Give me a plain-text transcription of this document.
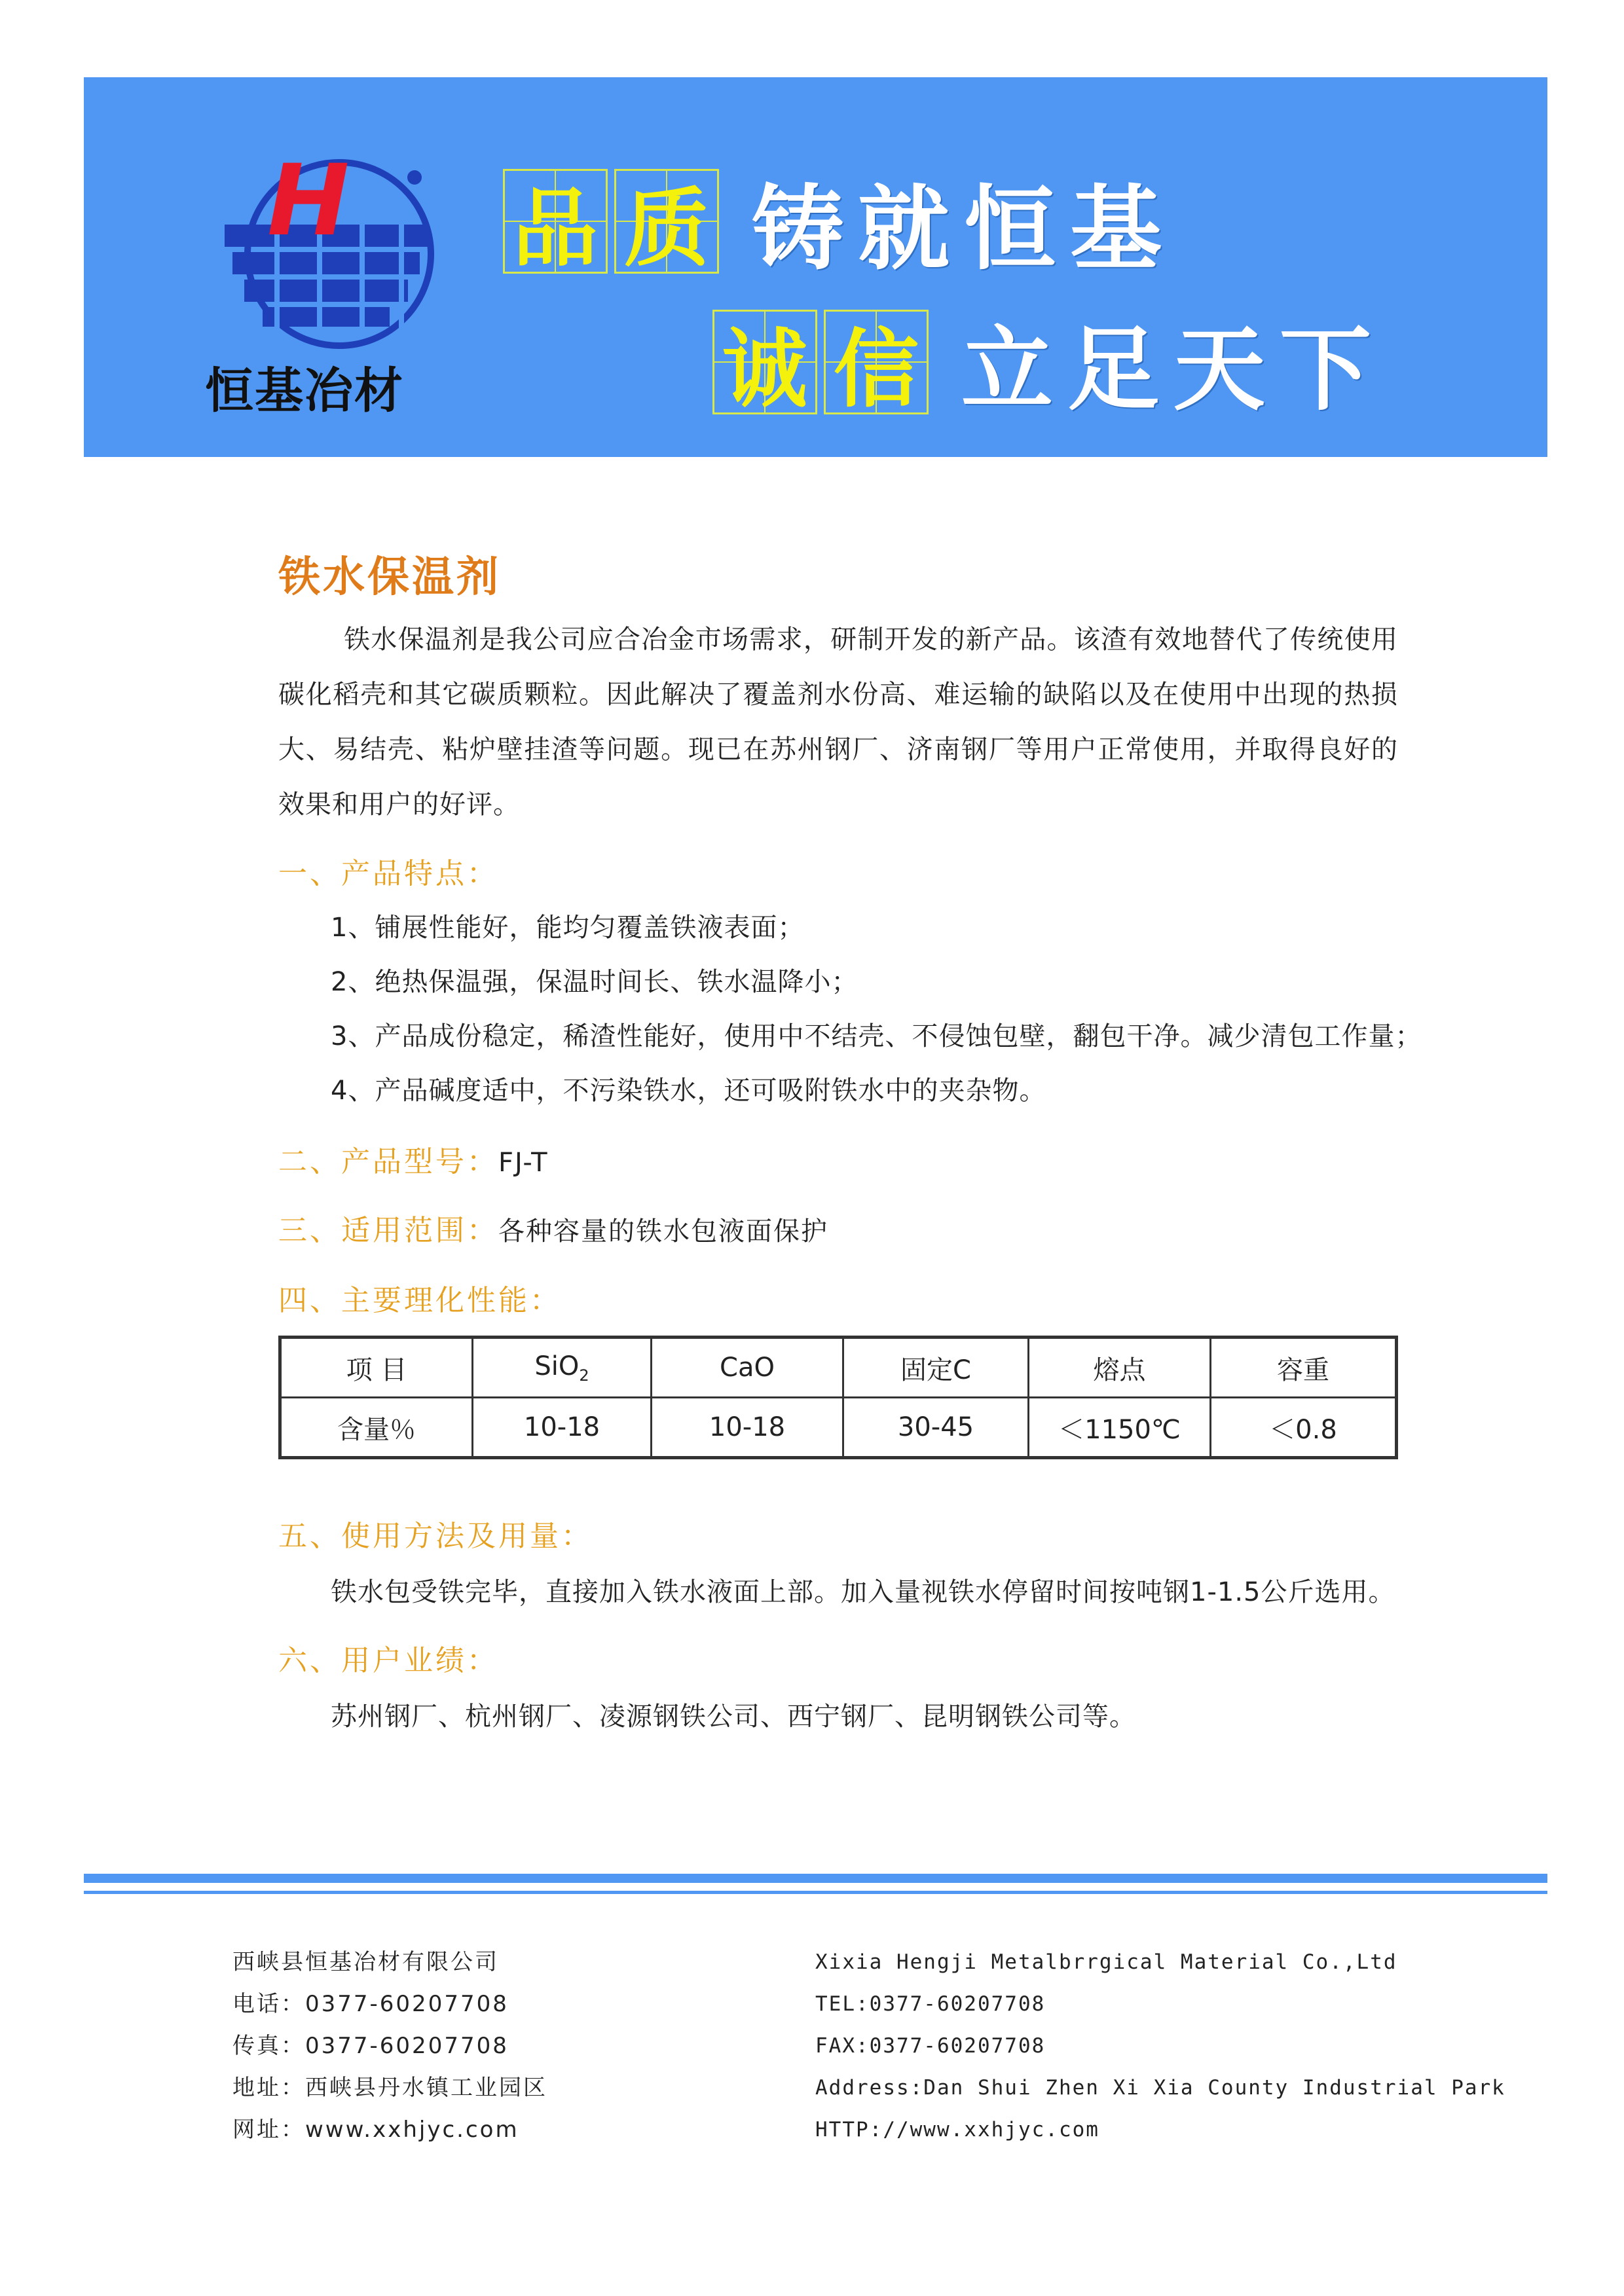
H
恒基冶材
品 质 铸就恒基
诚 信 立足天下
铁水保温剂
铁水保温剂是我公司应合冶金市场需求，研制开发的新产品。该渣有效地替代了传统使用碳化稻壳和其它碳质颗粒。因此解决了覆盖剂水份高、难运输的缺陷以及在使用中出现的热损大、易结壳、粘炉壁挂渣等问题。现已在苏州钢厂、济南钢厂等用户正常使用，并取得良好的效果和用户的好评。
一、产品特点：
1、铺展性能好，能均匀覆盖铁液表面；
2、绝热保温强，保温时间长、铁水温降小；
3、产品成份稳定，稀渣性能好，使用中不结壳、不侵蚀包壁，翻包干净。减少清包工作量；
4、产品碱度适中，不污染铁水，还可吸附铁水中的夹杂物。
二、产品型号：FJ-T
三、适用范围：各种容量的铁水包液面保护
四、主要理化性能：
项 目	SiO$_2$	CaO	固定C	熔点	容重
含量％	10-18	10-18	30-45	＜1150℃	＜0.8
五、使用方法及用量：
铁水包受铁完毕，直接加入铁水液面上部。加入量视铁水停留时间按吨钢1-1.5公斤选用。
六、用户业绩：
苏州钢厂、杭州钢厂、凌源钢铁公司、西宁钢厂、昆明钢铁公司等。
西峡县恒基冶材有限公司
电话：0377-60207708
传真：0377-60207708
地址：西峡县丹水镇工业园区
网址：www.xxhjyc.com
Xixia Hengji Metalbrrgical Material Co.,Ltd
TEL:0377-60207708
FAX:0377-60207708
Address:Dan Shui Zhen Xi Xia County Industrial Park
HTTP://www.xxhjyc.com
